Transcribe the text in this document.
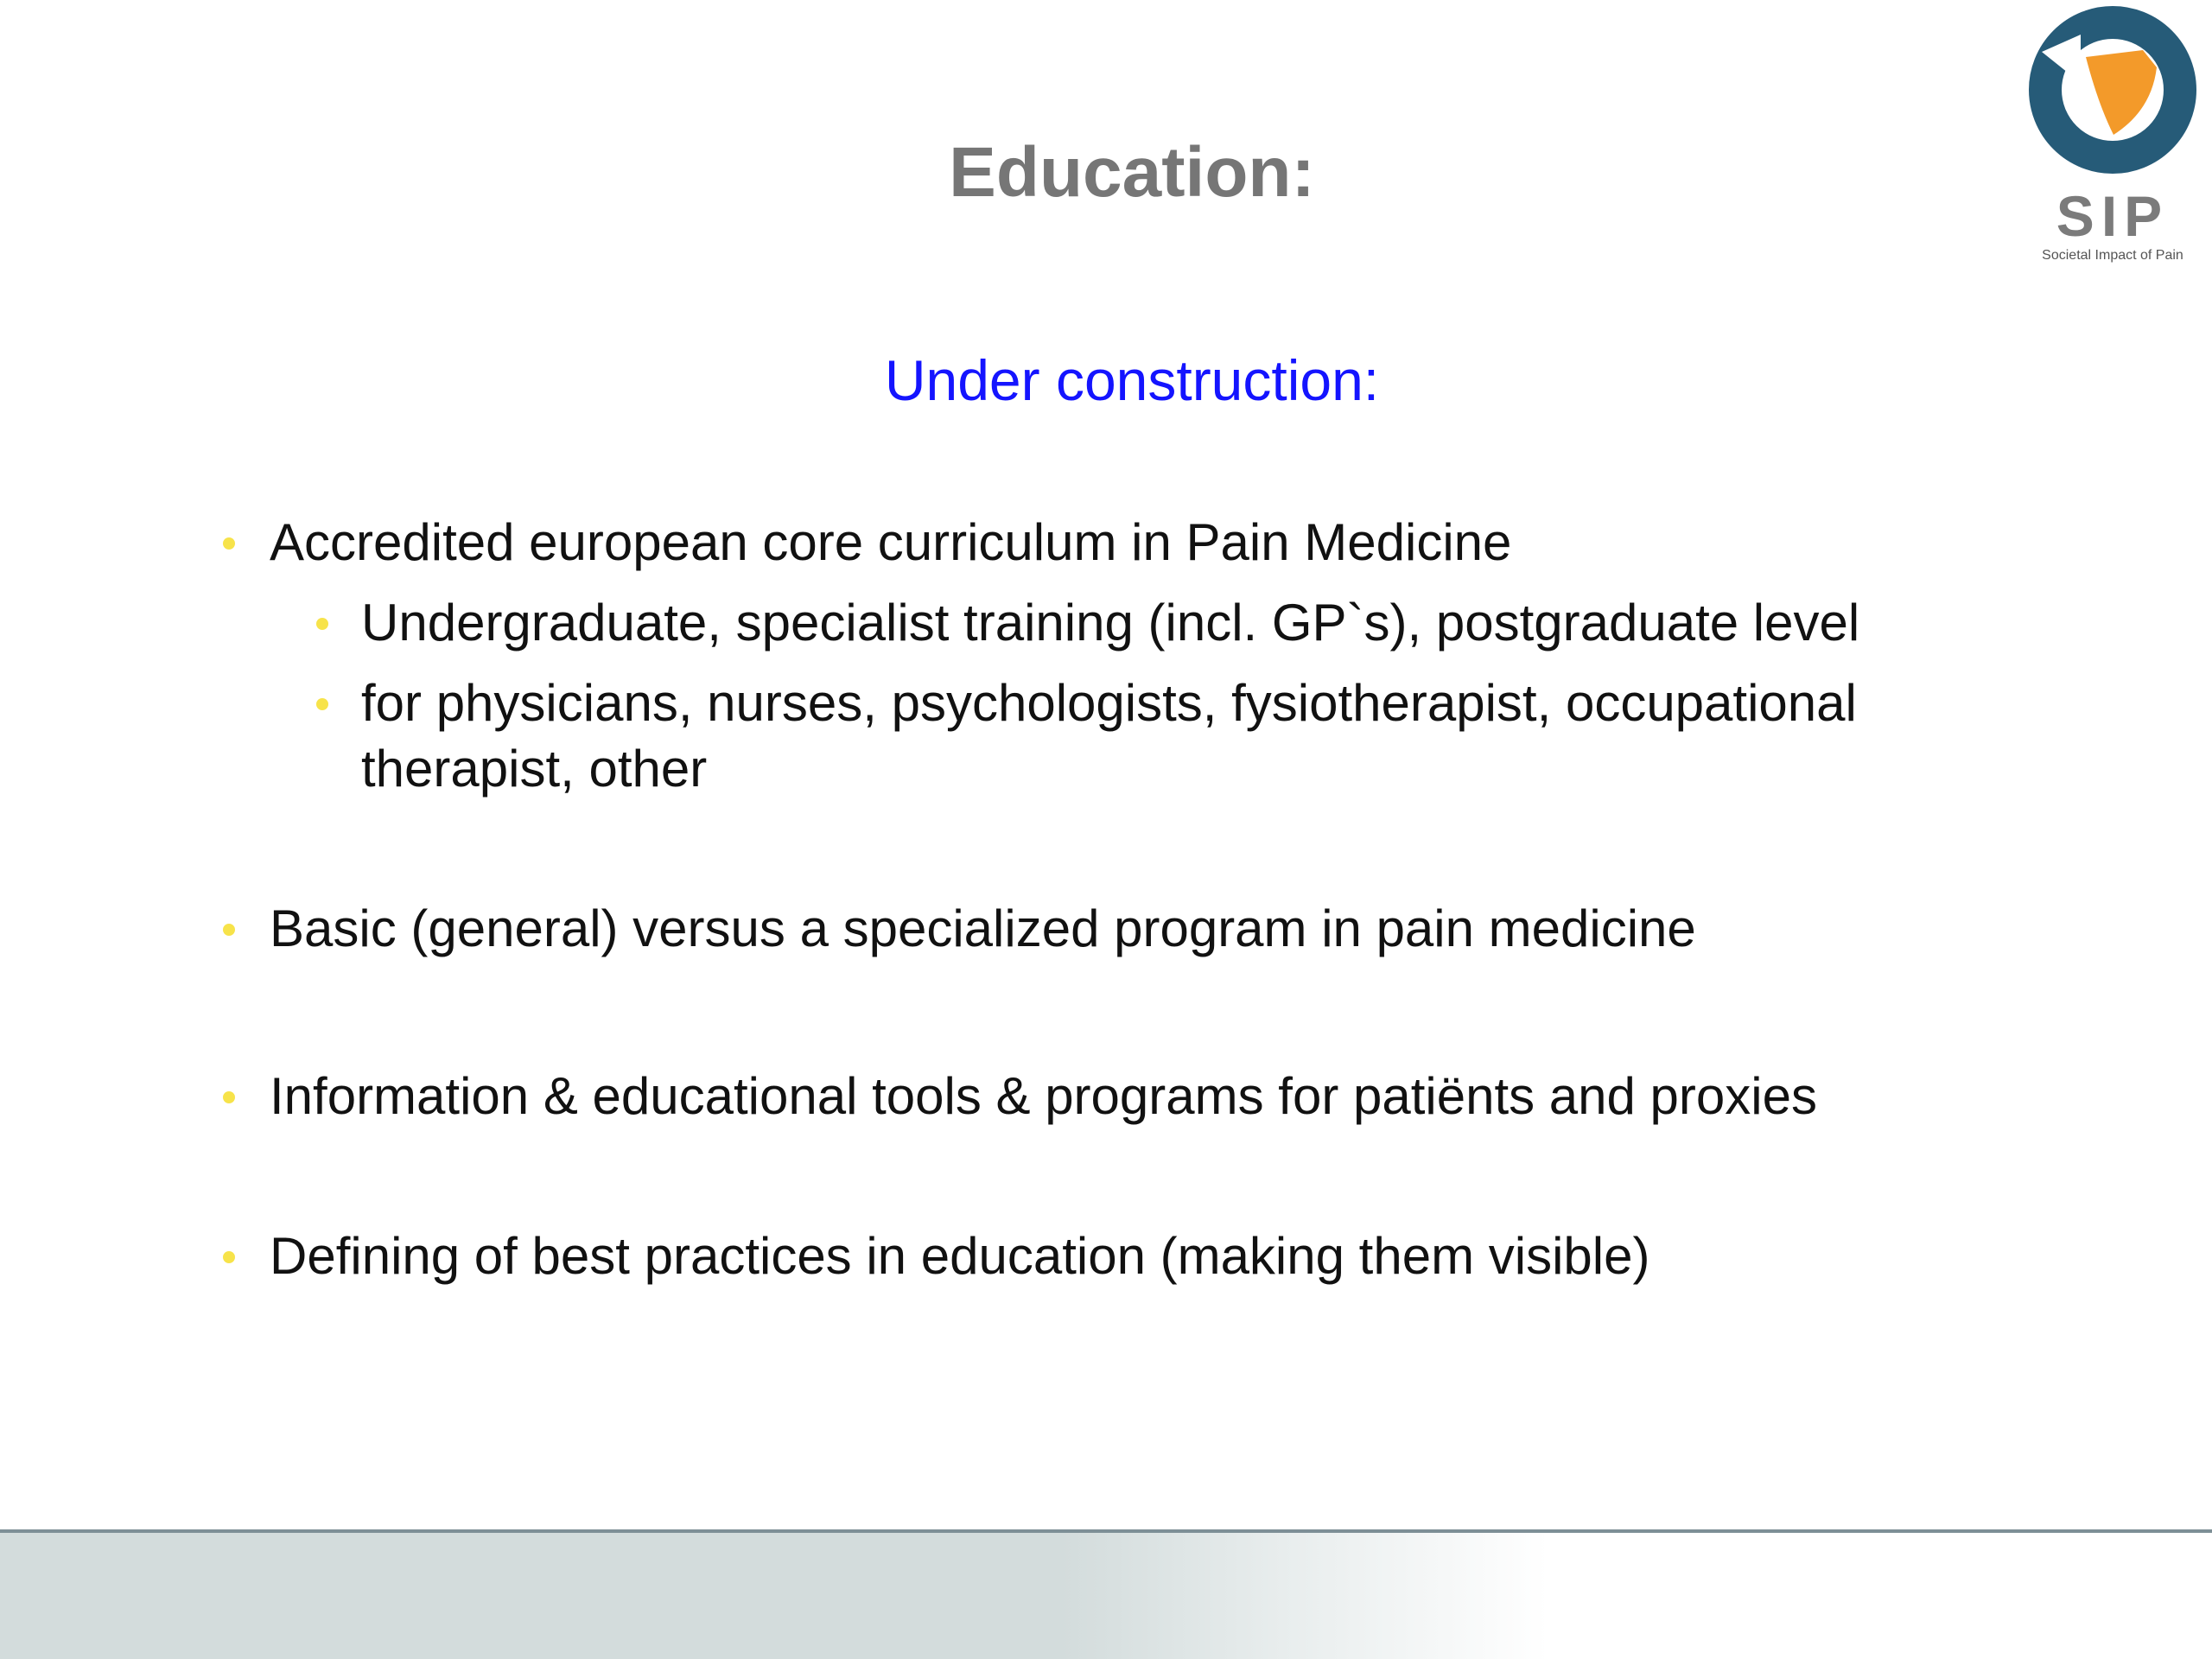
Education:
Under construction:
Accredited european core curriculum in Pain Medicine
Undergraduate, specialist training (incl. GP`s), postgraduate level
for physicians, nurses, psychologists, fysiotherapist, occupational therapist, other
Basic (general) versus a specialized program in pain medicine
Information & educational tools & programs for patiënts and proxies
Defining of best practices in education (making them visible)
SIP
Societal Impact of Pain
